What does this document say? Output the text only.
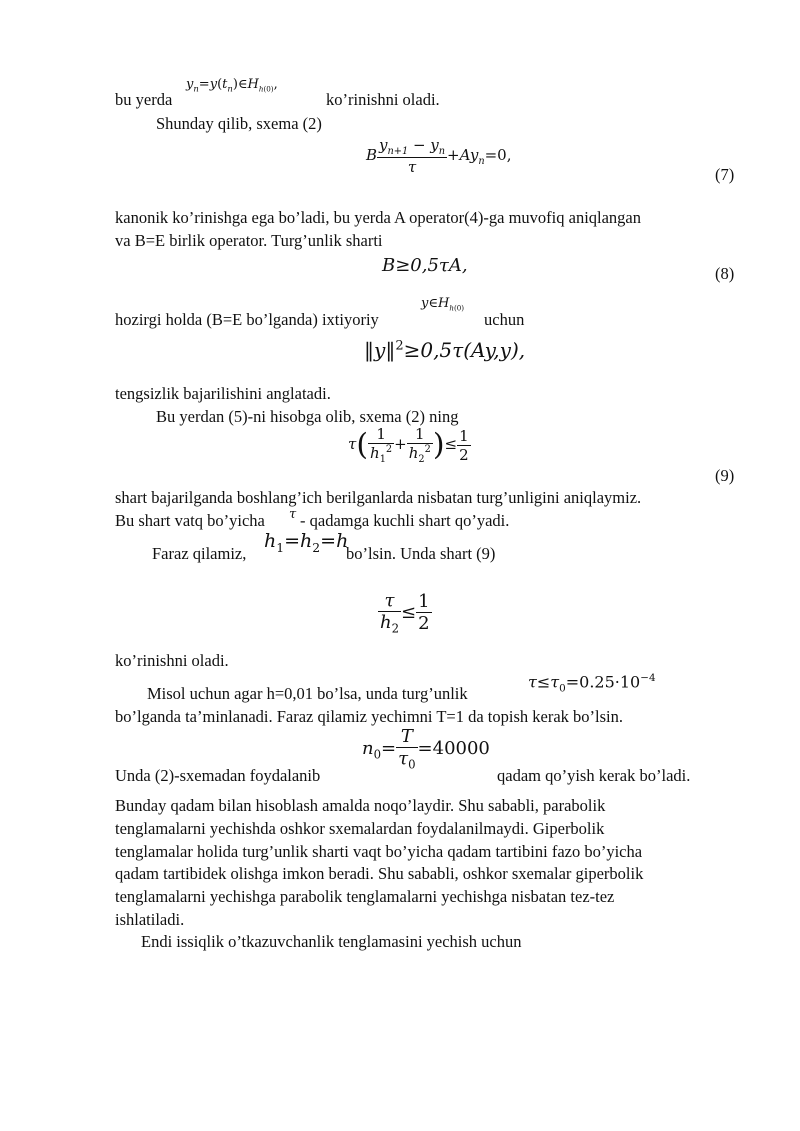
bu yerda
$y_n=y(t_n)\in H_{h(0)}$,
ko’rinishni oladi.
Shunday qilib, sxema (2)
B $\frac{y_{n+1} - y_n}{\tau} +Ay_n=0$,
(7)
kanonik ko’rinishga ega bo’ladi, bu yerda A operator(4)-ga muvofiq aniqlangan
va B=E birlik operator. Turg’unlik sharti
B≥0,5τA,	(8)
$y\in H_{h(0)}$
hozirgi holda (B=E bo’lganda) ixtiyoriy	uchun
‖y‖$^2$≥0,5τ(Ay,y),
tengsizlik bajarilishini anglatadi.
Bu yerdan (5)-ni hisobga olib, sxema (2) ning
$\tau( \frac{1}{h_1^2} + \frac{1}{h_2^2}$ )≤ $\frac{1}{2}$
(9)
shart bajarilganda boshlang’ich berilganlarda nisbatan turg’unligini aniqlaymiz.
Bu shart vatq bo’yicha τ - qadamga kuchli shart qo’yadi.
Faraz qilamiz,
$h_1=h_2=h$
bo’lsin. Unda shart (9)
$\frac{\tau}{h_2} \le \frac{1}{2}$
ko’rinishni oladi.
Misol uchun agar h=0,01 bo’lsa, unda turg’unlik
$\tau\le\tau_0=0.25\cdot 10^{-4}$
bo’lganda ta’minlanadi. Faraz qilamiz yechimni T=1 da topish kerak bo’lsin.
$n_0= \frac{T}{\tau_0} =40000$
Unda (2)-sxemadan foydalanib	qadam qo’yish kerak bo’ladi.
Bunday qadam bilan hisoblash amalda noqo’laydir. Shu sababli, parabolik
tenglamalarni yechishda oshkor sxemalardan foydalanilmaydi. Giperbolik
tenglamalar holida turg’unlik sharti vaqt bo’yicha qadam tartibini fazo bo’yicha
qadam tartibidek olishga imkon beradi. Shu sababli, oshkor sxemalar giperbolik
tenglamalarni yechishga parabolik tenglamalarni yechishga nisbatan tez-tez
ishlatiladi.
Endi issiqlik o’tkazuvchanlik tenglamasini yechish uchun
